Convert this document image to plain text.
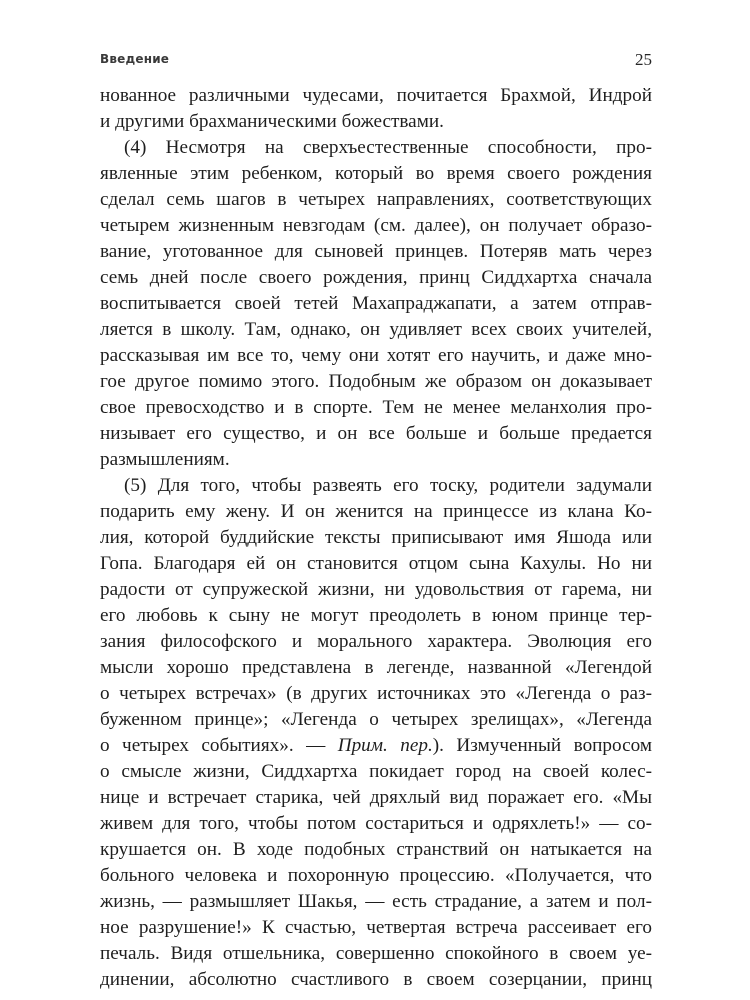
Введение	25
нованное различными чудесами, почитается Брахмой, Индрой
и другими брахманическими божествами.
(4) Несмотря на сверхъестественные способности, про-
явленные этим ребенком, который во время своего рождения
сделал семь шагов в четырех направлениях, соответствующих
четырем жизненным невзгодам (см. далее), он получает образо-
вание, уготованное для сыновей принцев. Потеряв мать через
семь дней после своего рождения, принц Сиддхартха сначала
воспитывается своей тетей Махапраджапати, а затем отправ-
ляется в школу. Там, однако, он удивляет всех своих учителей,
рассказывая им все то, чему они хотят его научить, и даже мно-
гое другое помимо этого. Подобным же образом он доказывает
свое превосходство и в спорте. Тем не менее меланхолия про-
низывает его существо, и он все больше и больше предается
размышлениям.
(5) Для того, чтобы развеять его тоску, родители задумали
подарить ему жену. И он женится на принцессе из клана Ко-
лия, которой буддийские тексты приписывают имя Яшода или
Гопа. Благодаря ей он становится отцом сына Кахулы. Но ни
радости от супружеской жизни, ни удовольствия от гарема, ни
его любовь к сыну не могут преодолеть в юном принце тер-
зания философского и морального характера. Эволюция его
мысли хорошо представлена в легенде, названной «Легендой
о четырех встречах» (в других источниках это «Легенда о раз-
буженном принце»; «Легенда о четырех зрелищах», «Легенда
о четырех событиях». — Прим. пер.). Измученный вопросом
о смысле жизни, Сиддхартха покидает город на своей колес-
нице и встречает старика, чей дряхлый вид поражает его. «Мы
живем для того, чтобы потом состариться и одряхлеть!» — со-
крушается он. В ходе подобных странствий он натыкается на
больного человека и похоронную процессию. «Получается, что
жизнь, — размышляет Шакья, — есть страдание, а затем и пол-
ное разрушение!» К счастью, четвертая встреча рассеивает его
печаль. Видя отшельника, совершенно спокойного в своем уе-
динении, абсолютно счастливого в своем созерцании, принц
